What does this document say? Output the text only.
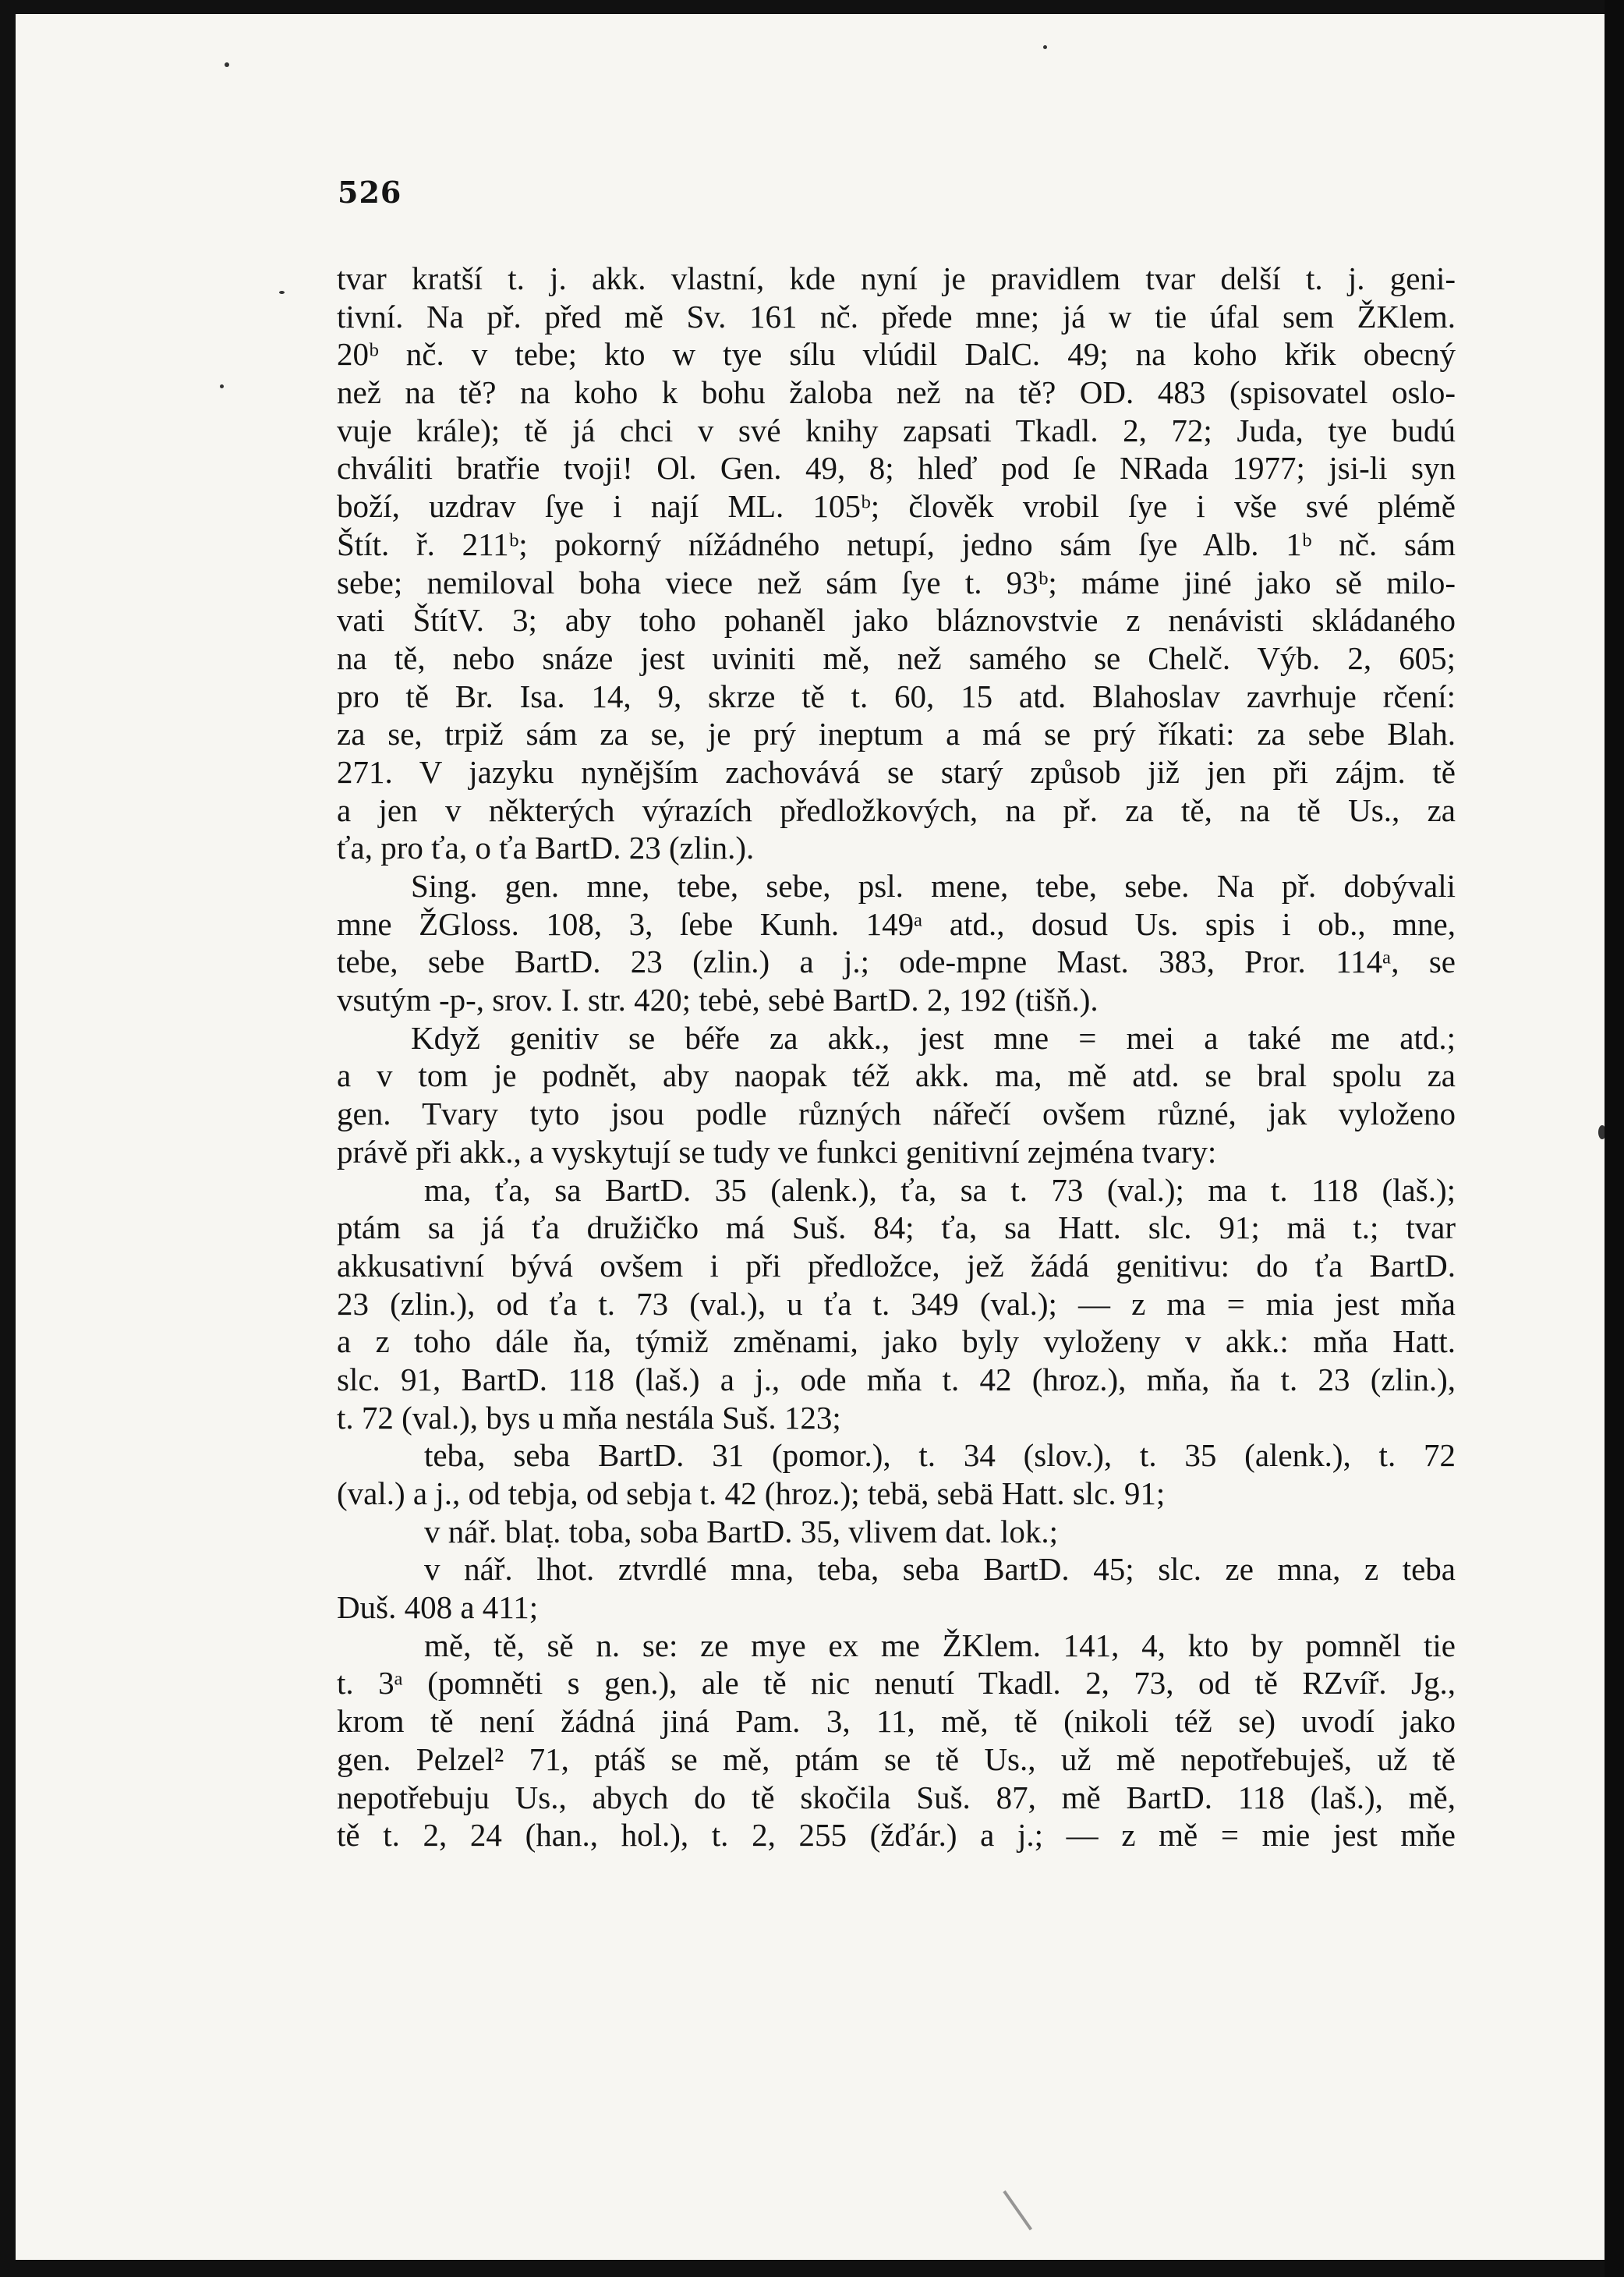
526
tvar kratší t. j. akk. vlastní, kde nyní je pravidlem tvar delší t. j. geni-
tivní. Na př. před mě Sv. 161 nč. přede mne; já w tie úfal sem ŽKlem.
20ᵇ nč. v tebe; kto w tye sílu vlúdil DalC. 49; na koho křik obecný
než na tě? na koho k bohu žaloba než na tě? OD. 483 (spisovatel oslo-
vuje krále); tě já chci v své knihy zapsati Tkadl. 2, 72; Juda, tye budú
chváliti bratřie tvoji! Ol. Gen. 49, 8; hleď pod ſe NRada 1977; jsi-li syn
boží, uzdrav ſye i nají ML. 105ᵇ; člověk vrobil ſye i vše své plémě
Štít. ř. 211ᵇ; pokorný nížádného netupí, jedno sám ſye Alb. 1ᵇ nč. sám
sebe; nemiloval boha viece než sám ſye t. 93ᵇ; máme jiné jako sě milo-
vati ŠtítV. 3; aby toho pohaněl jako bláznovstvie z nenávisti skládaného
na tě, nebo snáze jest uviniti mě, než samého se Chelč. Výb. 2, 605;
pro tě Br. Isa. 14, 9, skrze tě t. 60, 15 atd. Blahoslav zavrhuje rčení:
za se, trpiž sám za se, je prý ineptum a má se prý říkati: za sebe Blah.
271. V jazyku nynějším zachovává se starý způsob již jen při zájm. tě
a jen v některých výrazích předložkových, na př. za tě, na tě Us., za
ťa, pro ťa, o ťa BartD. 23 (zlin.).
Sing. gen. mne, tebe, sebe, psl. mene, tebe, sebe. Na př. dobývali
mne ŽGloss. 108, 3, ſebe Kunh. 149ᵃ atd., dosud Us. spis i ob., mne,
tebe, sebe BartD. 23 (zlin.) a j.; ode-mpne Mast. 383, Pror. 114ᵃ, se
vsutým -p-, srov. I. str. 420; tebė, sebė BartD. 2, 192 (tišň.).
Když genitiv se béře za akk., jest mne = mei a také me atd.;
a v tom je podnět, aby naopak též akk. ma, mě atd. se bral spolu za
gen. Tvary tyto jsou podle různých nářečí ovšem různé, jak vyloženo
právě při akk., a vyskytují se tudy ve funkci genitivní zejména tvary:
ma, ťa, sa BartD. 35 (alenk.), ťa, sa t. 73 (val.); ma t. 118 (laš.);
ptám sa já ťa družičko má Suš. 84; ťa, sa Hatt. slc. 91; mä t.; tvar
akkusativní bývá ovšem i při předložce, jež žádá genitivu: do ťa BartD.
23 (zlin.), od ťa t. 73 (val.), u ťa t. 349 (val.); — z ma = mia jest mňa
a z toho dále ňa, týmiž změnami, jako byly vyloženy v akk.: mňa Hatt.
slc. 91, BartD. 118 (laš.) a j., ode mňa t. 42 (hroz.), mňa, ňa t. 23 (zlin.),
t. 72 (val.), bys u mňa nestála Suš. 123;
teba, seba BartD. 31 (pomor.), t. 34 (slov.), t. 35 (alenk.), t. 72
(val.) a j., od tebja, od sebja t. 42 (hroz.); tebä, sebä Hatt. slc. 91;
v nář. blaṭ. toba, soba BartD. 35, vlivem dat. lok.;
v nář. lhot. ztvrdlé mna, teba, seba BartD. 45; slc. ze mna, z teba
Duš. 408 a 411;
mě, tě, sě n. se: ze mye ex me ŽKlem. 141, 4, kto by pomněl tie
t. 3ᵃ (pomněti s gen.), ale tě nic nenutí Tkadl. 2, 73, od tě RZvíř. Jg.,
krom tě není žádná jiná Pam. 3, 11, mě, tě (nikoli též se) uvodí jako
gen. Pelzel² 71, ptáš se mě, ptám se tě Us., už mě nepotřebuješ, už tě
nepotřebuju Us., abych do tě skočila Suš. 87, mě BartD. 118 (laš.), mě,
tě t. 2, 24 (han., hol.), t. 2, 255 (žďár.) a j.; — z mě = mie jest mňe
